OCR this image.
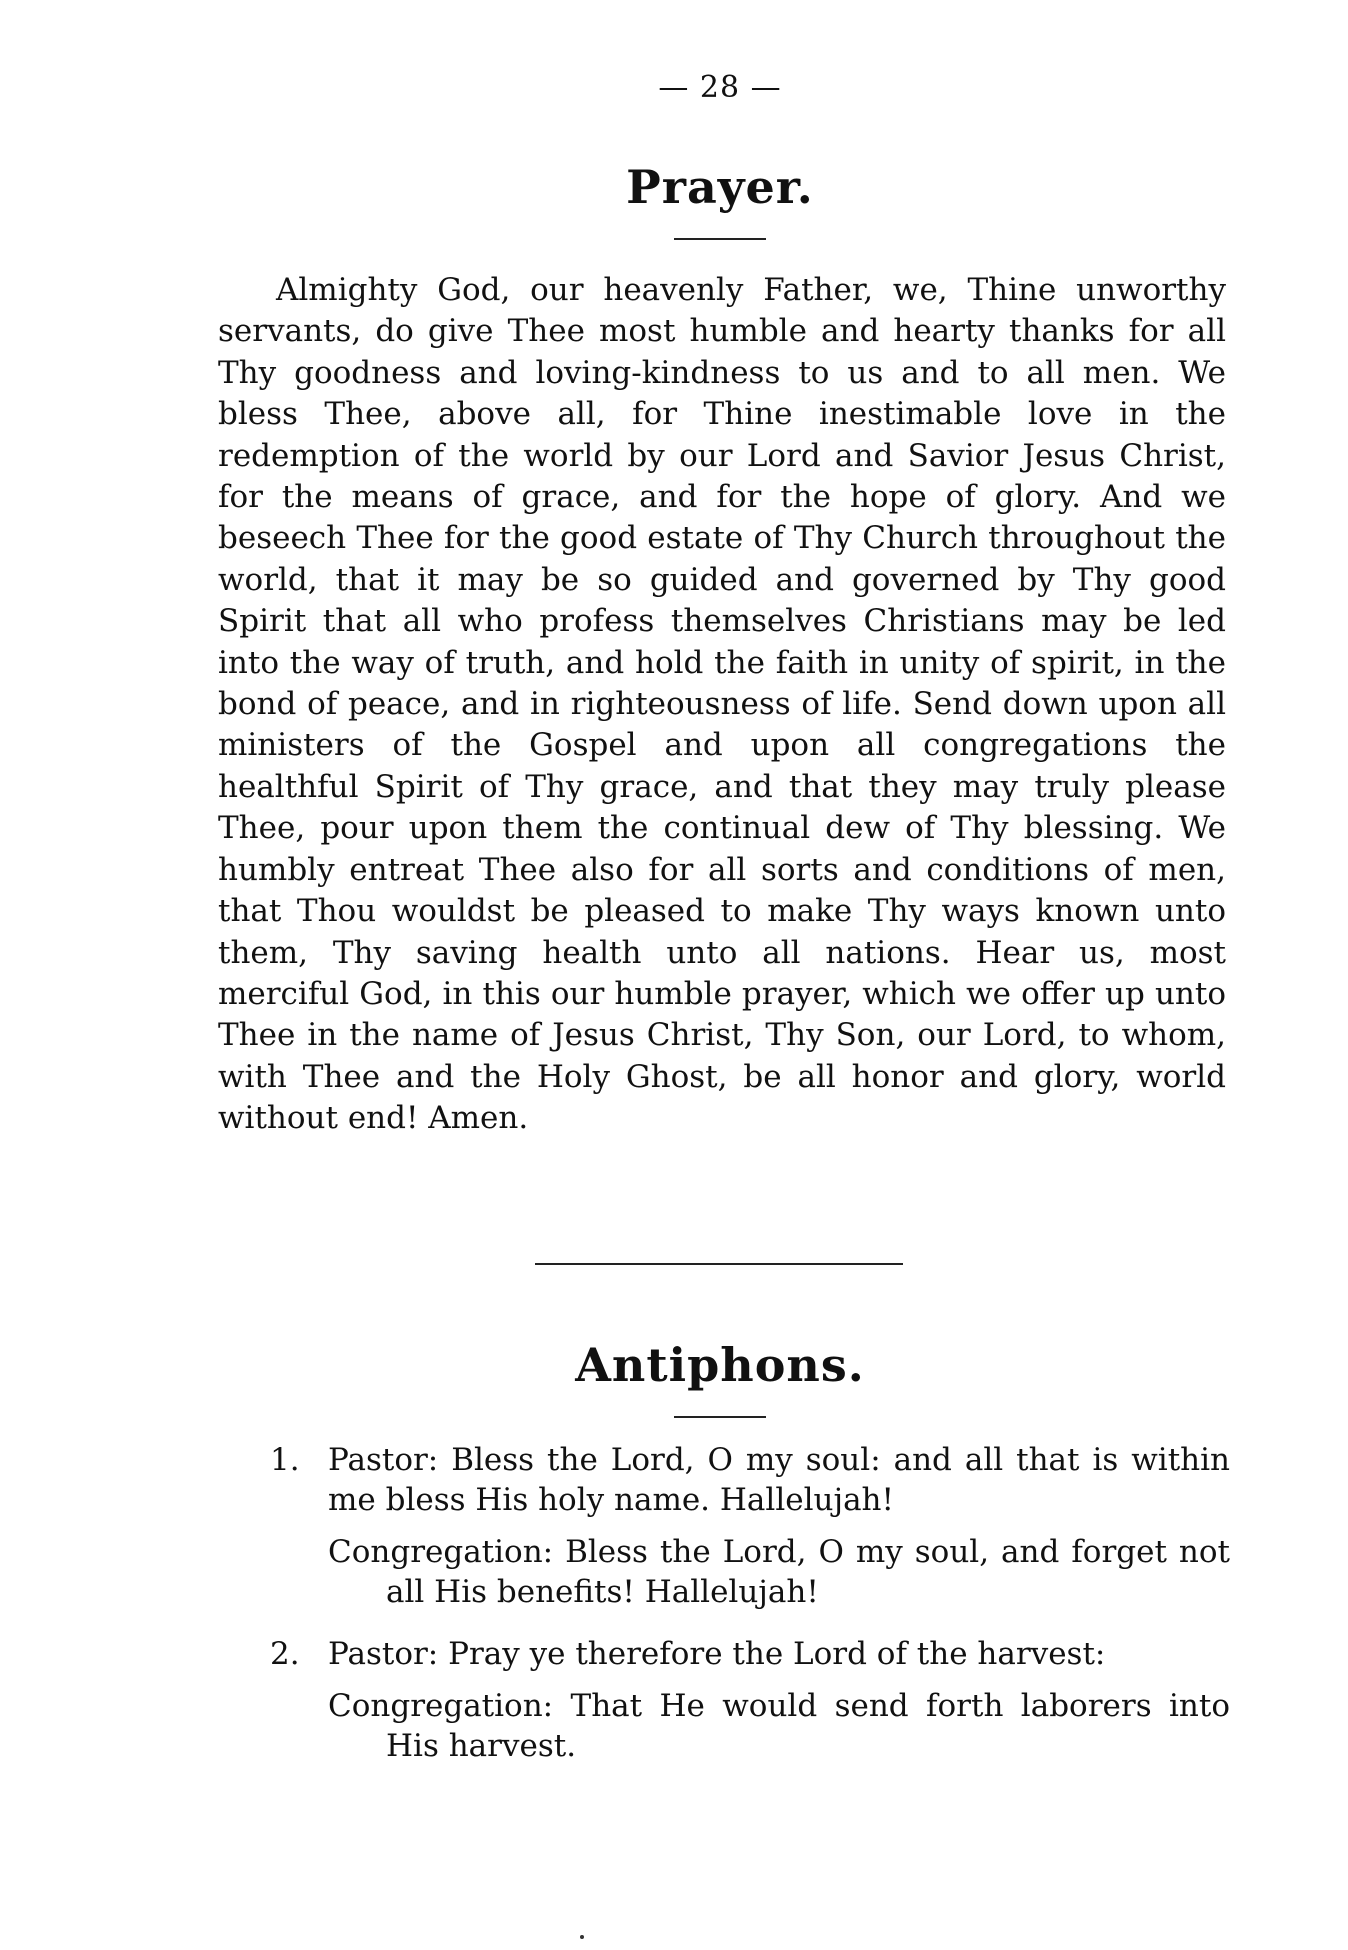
— 28 —
Prayer.

Almighty God, our heavenly Father, we, Thine unworthy servants, do give Thee most humble and hearty thanks for all Thy goodness and loving-kindness to us and to all men. We bless Thee, above all, for Thine inestimable love in the redemption of the world by our Lord and Savior Jesus Christ, for the means of grace, and for the hope of glory. And we beseech Thee for the good estate of Thy Church throughout the world, that it may be so guided and governed by Thy good Spirit that all who profess themselves Christians may be led into the way of truth, and hold the faith in unity of spirit, in the bond of peace, and in righteousness of life. Send down upon all ministers of the Gospel and upon all congregations the healthful Spirit of Thy grace, and that they may truly please Thee, pour upon them the continual dew of Thy blessing. We humbly entreat Thee also for all sorts and conditions of men, that Thou wouldst be pleased to make Thy ways known unto them, Thy saving health unto all nations. Hear us, most merciful God, in this our humble prayer, which we offer up unto Thee in the name of Jesus Christ, Thy Son, our Lord, to whom, with Thee and the Holy Ghost, be all honor and glory, world without end! Amen.

Antiphons.
1. Pastor: Bless the Lord, O my soul: and all that is within me bless His holy name. Hallelujah!
Congregation: Bless the Lord, O my soul, and forget not all His benefits! Hallelujah!
2. Pastor: Pray ye therefore the Lord of the harvest:
Congregation: That He would send forth laborers into His harvest.
